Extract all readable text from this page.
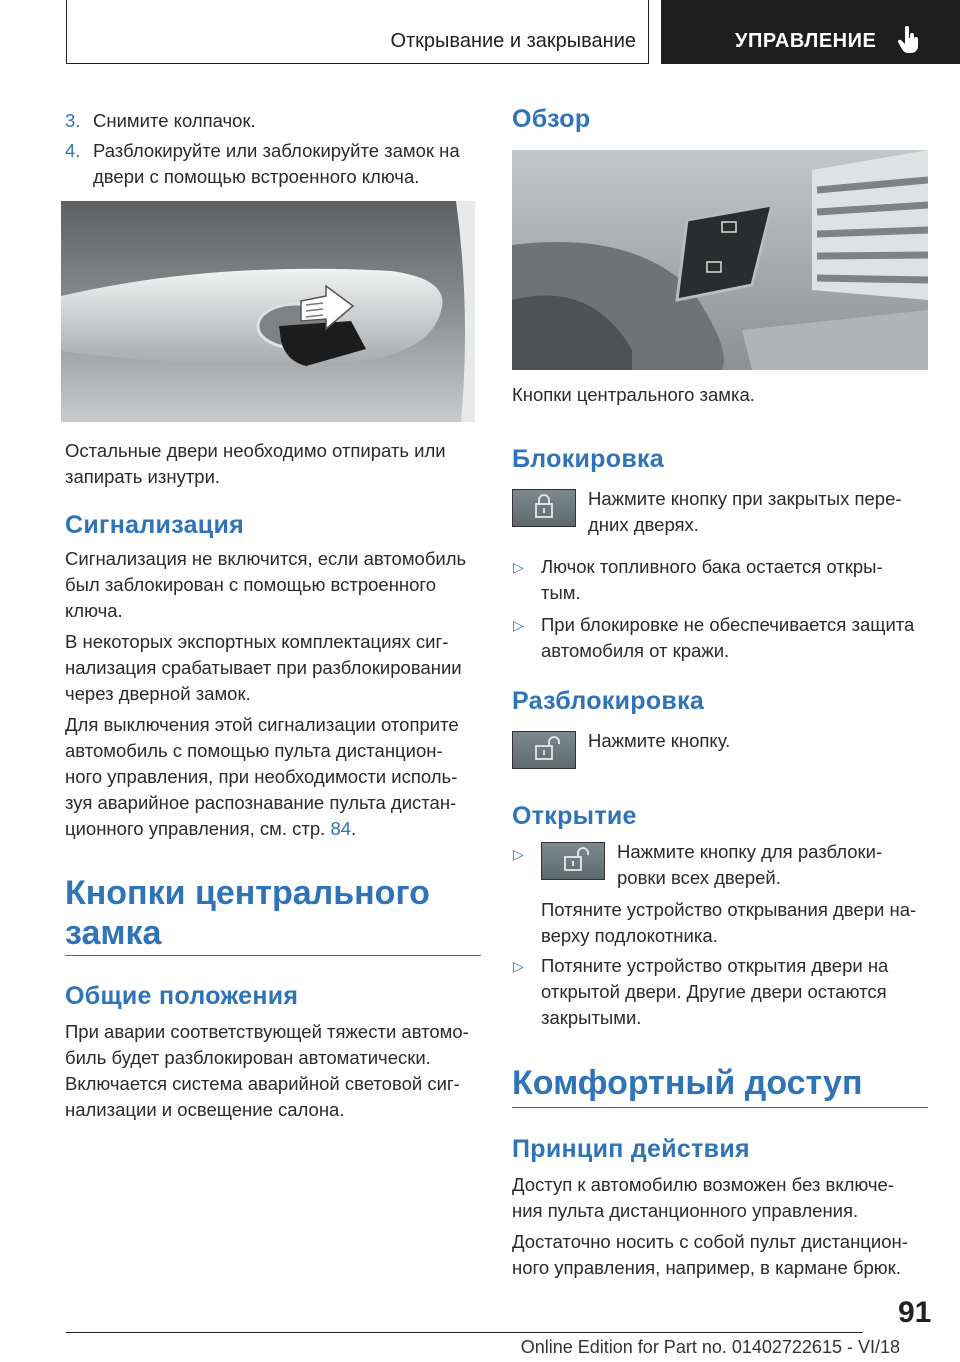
Открывание и закрывание	УПРАВЛЕНИЕ
3. Снимите колпачок.
4. Разблокируйте или заблокируйте замок на
двери с помощью встроенного ключа.
Остальные двери необходимо отпирать или
запирать изнутри.
Сигнализация
Сигнализация не включится, если автомобиль
был заблокирован с помощью встроенного
ключа.
В некоторых экспортных комплектациях сиг-
нализация срабатывает при разблокировании
через дверной замок.
Для выключения этой сигнализации отоприте
автомобиль с помощью пульта дистанцион-
ного управления, при необходимости исполь-
зуя аварийное распознавание пульта дистан-
ционного управления, см. стр. 84.
Кнопки центрального
замка
Общие положения
При аварии соответствующей тяжести автомо-
биль будет разблокирован автоматически.
Включается система аварийной световой сиг-
нализации и освещение салона.
Обзор
Кнопки центрального замка.
Блокировка
Нажмите кнопку при закрытых пере-
дних дверях.
▷ Лючок топливного бака остается откры-
тым.
▷ При блокировке не обеспечивается защита
автомобиля от кражи.
Разблокировка
Нажмите кнопку.
Открытие
▷	Нажмите кнопку для разблоки-
ровки всех дверей.
Потяните устройство открывания двери на-
верху подлокотника.
▷ Потяните устройство открытия двери на
открытой двери. Другие двери остаются
закрытыми.
Комфортный доступ
Принцип действия
Доступ к автомобилю возможен без включе-
ния пульта дистанционного управления.
Достаточно носить с собой пульт дистанцион-
ного управления, например, в кармане брюк.
91
Online Edition for Part no. 01402722615 - VI/18
